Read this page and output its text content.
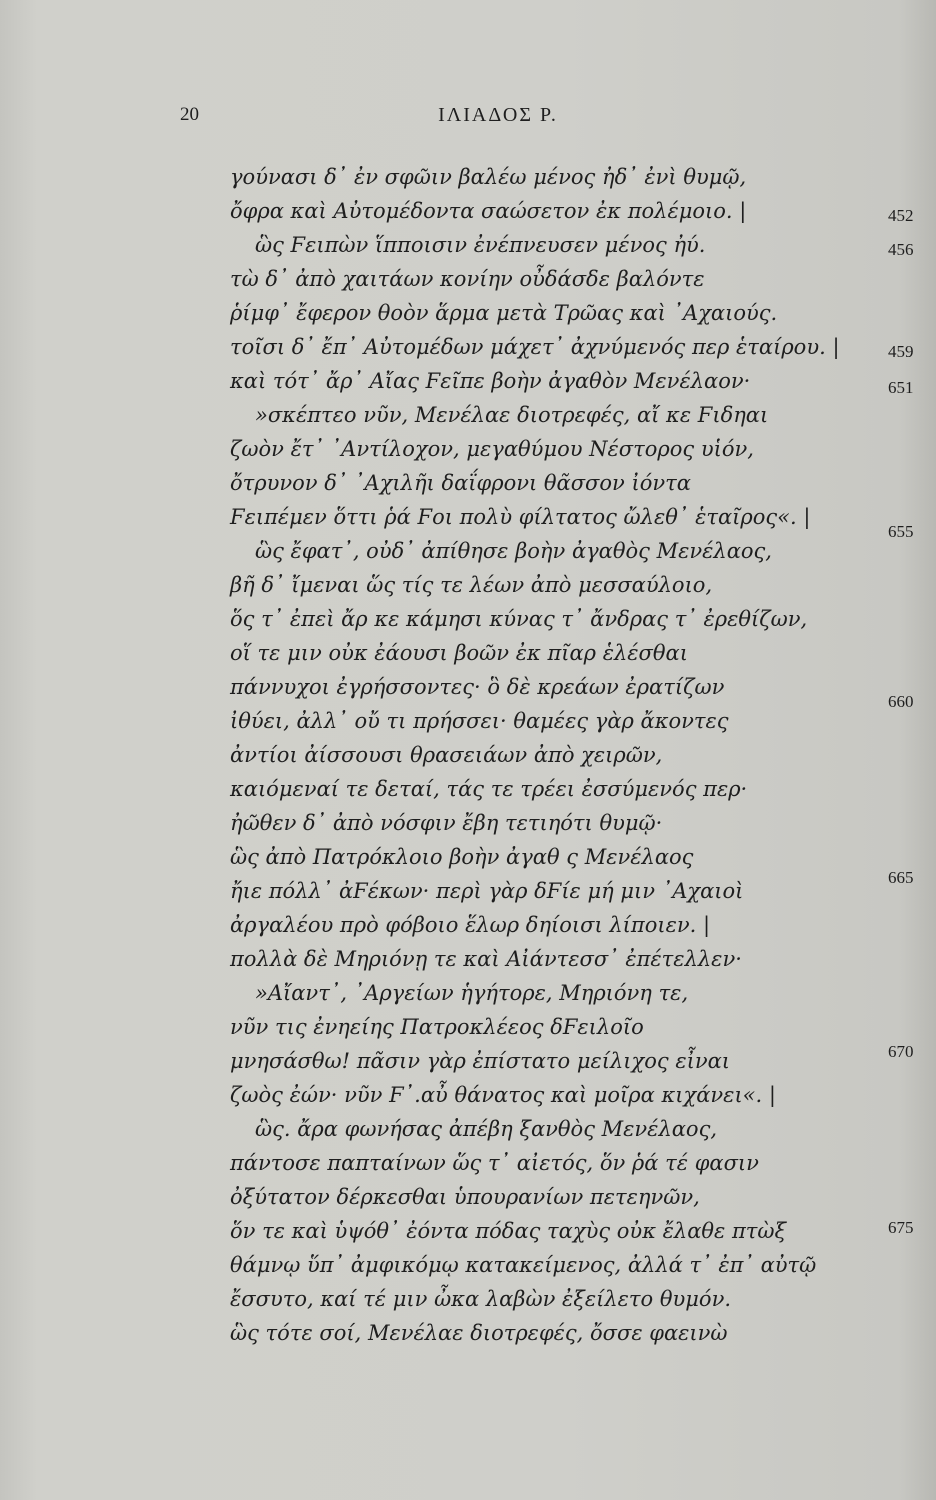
20	ΙΛΙΑΔΟΣ Ρ.
γούνασι δ᾽ ἐν σφῶιν βαλέω μένος ἠδ᾽ ἐνὶ θυμῷ,
ὄφρα καὶ Αὐτομέδοντα σαώσετον ἐκ πολέμοιο. |
ὣς Ϝειπὼν ἵπποισιν ἐνέπνευσεν μένος ἠύ.
τὼ δ᾽ ἀπὸ χαιτάων κονίην οὖδάσδε βαλόντε
ῥίμφ᾽ ἔφερον θοὸν ἅρμα μετὰ Τρῶας καὶ ᾽Αχαιούς.
τοῖσι δ᾽ ἔπ᾽ Αὐτομέδων μάχετ᾽ ἀχνύμενός περ ἑταίρου. |
καὶ τότ᾽ ἄρ᾽ Αἴας Ϝεῖπε βοὴν ἀγαθὸν Μενέλαον·
»σκέπτεο νῦν, Μενέλαε διοτρεφές, αἴ κε Ϝιδηαι
ζωὸν ἔτ᾽ ᾽Αντίλοχον, μεγαθύμου Νέστορος υἱόν,
ὄτρυνον δ᾽ ᾽Αχιλῆι δαΐφρονι θᾶσσον ἰόντα
Ϝειπέμεν ὅττι ῥά Ϝοι πολὺ φίλτατος ὤλεθ᾽ ἑταῖρος«. |
ὣς ἔφατ᾽, οὐδ᾽ ἀπίθησε βοὴν ἀγαθὸς Μενέλαος,
βῆ δ᾽ ἴμεναι ὥς τίς τε λέων ἀπὸ μεσσαύλοιο,
ὅς τ᾽ ἐπεὶ ἄρ κε κάμησι κύνας τ᾽ ἄνδρας τ᾽ ἐρεθίζων,
οἵ τε μιν οὐκ ἐάουσι βοῶν ἐκ πῖαρ ἑλέσθαι
πάννυχοι ἐγρήσσοντες· ὃ δὲ κρεάων ἐρατίζων
ἰθύει, ἀλλ᾽ οὔ τι πρήσσει· θαμέες γὰρ ἄκοντες
ἀντίοι ἀίσσουσι θρασειάων ἀπὸ χειρῶν,
καιόμεναί τε δεταί, τάς τε τρέει ἐσσύμενός περ·
ἠῶθεν δ᾽ ἀπὸ νόσφιν ἔβη τετιηότι θυμῷ·
ὣς ἀπὸ Πατρόκλοιο βοὴν ἀγαθ ς Μενέλαος
ἤιε πόλλ᾽ ἀϜέκων· περὶ γὰρ δϜίε μή μιν ᾽Αχαιοὶ
ἀργαλέου πρὸ φόβοιο ἕλωρ δηίοισι λίποιεν. |
πολλὰ δὲ Μηριόνῃ τε καὶ Αἰάντεσσ᾽ ἐπέτελλεν·
»Αἴαντ᾽, ᾽Αργείων ἡγήτορε, Μηριόνη τε,
νῦν τις ἐνηείης Πατροκλέεος δϜειλοῖο
μνησάσθω! πᾶσιν γὰρ ἐπίστατο μείλιχος εἶναι
ζωὸς ἐών· νῦν Ϝ᾽.αὖ θάνατος καὶ μοῖρα κιχάνει«. |
ὣς. ἄρα φωνήσας ἀπέβη ξανθὸς Μενέλαος,
πάντοσε παπταίνων ὥς τ᾽ αἰετός, ὅν ῥά τέ φασιν
ὀξύτατον δέρκεσθαι ὑπουρανίων πετεηνῶν,
ὅν τε καὶ ὑψόθ᾽ ἐόντα πόδας ταχὺς οὐκ ἔλαθε πτὼξ
θάμνῳ ὕπ᾽ ἀμφικόμῳ κατακείμενος, ἀλλά τ᾽ ἐπ᾽ αὐτῷ
ἔσσυτο, καί τέ μιν ὦκα λαβὼν ἐξείλετο θυμόν.
ὣς τότε σοί, Μενέλαε διοτρεφές, ὄσσε φαεινὼ
452
456
459
651
655
660
665
670
675
